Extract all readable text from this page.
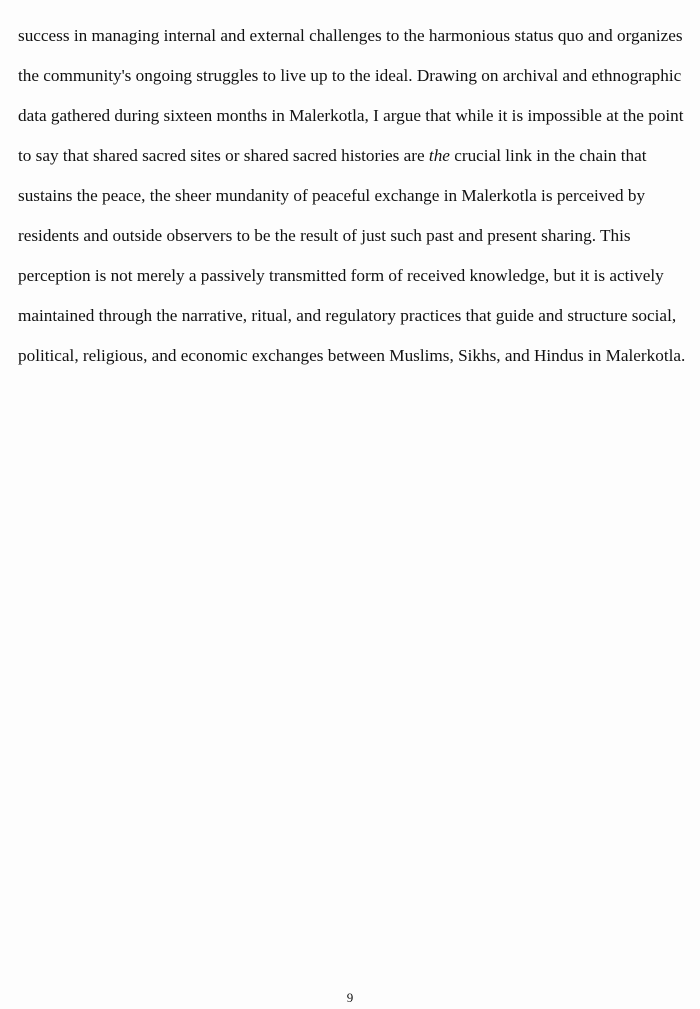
success in managing internal and external challenges to the harmonious status quo and organizes
the community's ongoing struggles to live up to the ideal. Drawing on archival and ethnographic
data gathered during sixteen months in Malerkotla, I argue that while it is impossible at the point
to say that shared sacred sites or shared sacred histories are the crucial link in the chain that
sustains the peace, the sheer mundanity of peaceful exchange in Malerkotla is perceived by
residents and outside observers to be the result of just such past and present sharing. This
perception is not merely a passively transmitted form of received knowledge, but it is actively
maintained through the narrative, ritual, and regulatory practices that guide and structure social,
political, religious, and economic exchanges between Muslims, Sikhs, and Hindus in Malerkotla.
9
